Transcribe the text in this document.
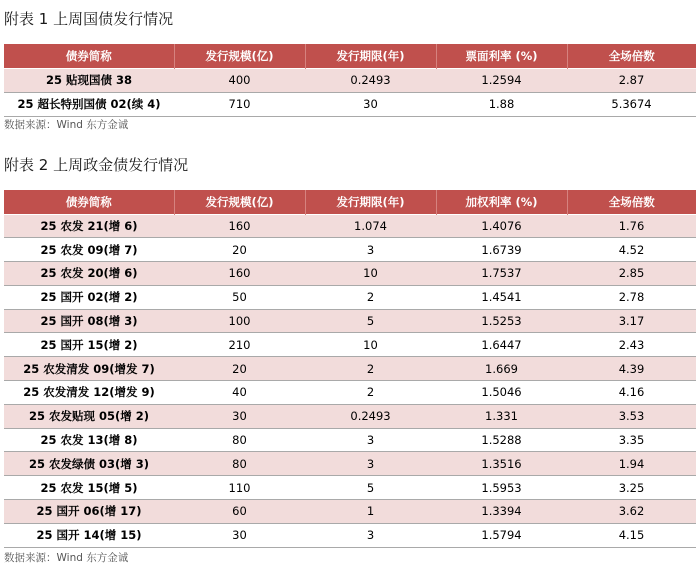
附表 1 上周国债发行情况
债券简称	发行规模(亿)	发行期限(年)	票面利率 (%)	全场倍数
25 贴现国债 38	400	0.2493	1.2594	2.87
25 超长特别国债 02(续 4)	710	30	1.88	5.3674
数据来源：Wind 东方金诚
附表 2 上周政金债发行情况
债券简称	发行规模(亿)	发行期限(年)	加权利率 (%)	全场倍数
25 农发 21(增 6)	160	1.074	1.4076	1.76
25 农发 09(增 7)	20	3	1.6739	4.52
25 农发 20(增 6)	160	10	1.7537	2.85
25 国开 02(增 2)	50	2	1.4541	2.78
25 国开 08(增 3)	100	5	1.5253	3.17
25 国开 15(增 2)	210	10	1.6447	2.43
25 农发清发 09(增发 7)	20	2	1.669	4.39
25 农发清发 12(增发 9)	40	2	1.5046	4.16
25 农发贴现 05(增 2)	30	0.2493	1.331	3.53
25 农发 13(增 8)	80	3	1.5288	3.35
25 农发绿债 03(增 3)	80	3	1.3516	1.94
25 农发 15(增 5)	110	5	1.5953	3.25
25 国开 06(增 17)	60	1	1.3394	3.62
25 国开 14(增 15)	30	3	1.5794	4.15
数据来源：Wind 东方金诚
